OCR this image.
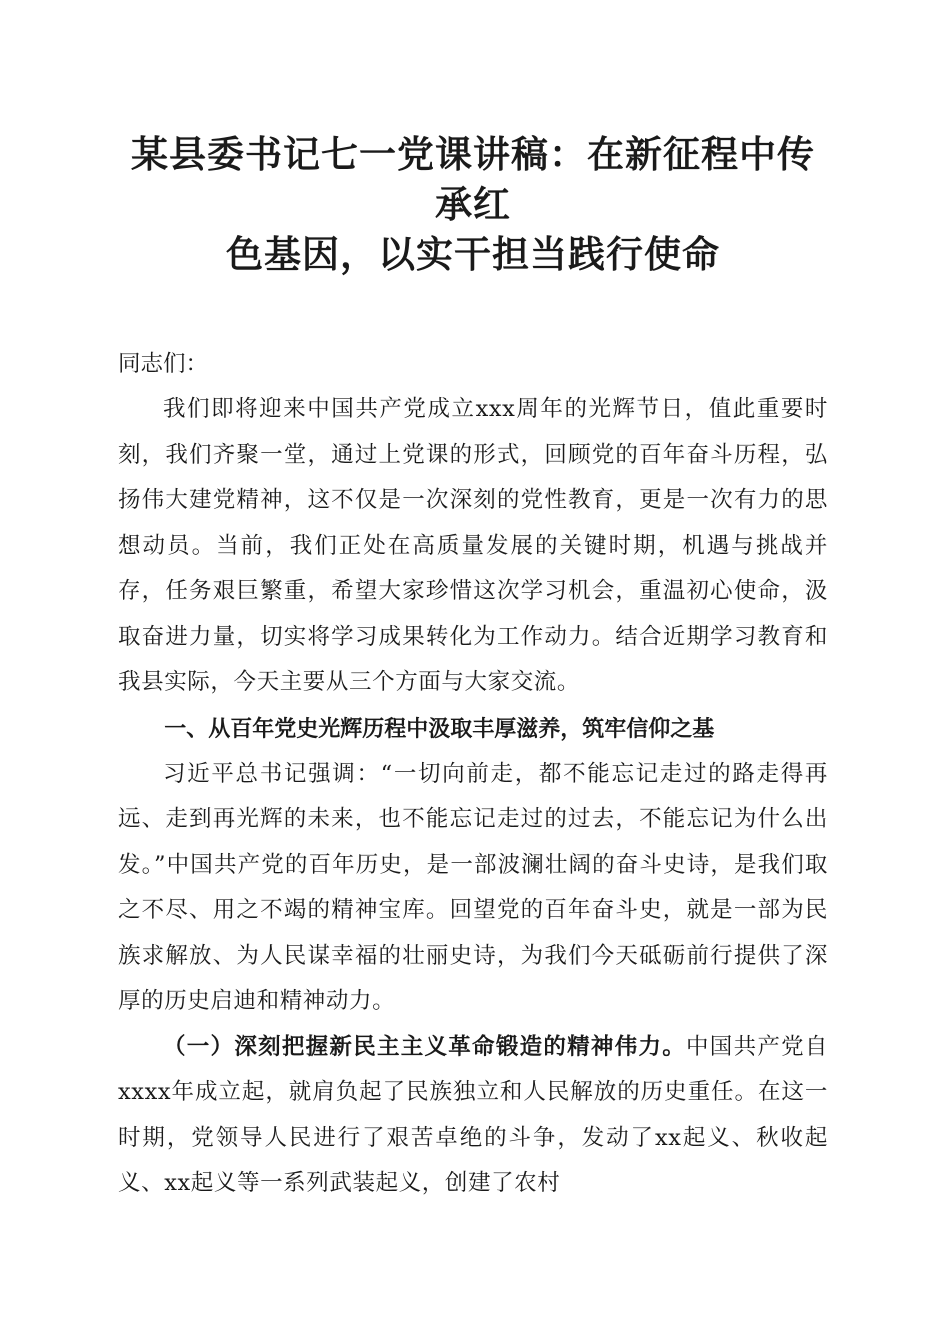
某县委书记七一党课讲稿：在新征程中传承红
色基因，以实干担当践行使命

同志们：

我们即将迎来中国共产党成立xxx周年的光辉节日，值此重要时刻，我们齐聚一堂，通过上党课的形式，回顾党的百年奋斗历程，弘扬伟大建党精神，这不仅是一次深刻的党性教育，更是一次有力的思想动员。当前，我们正处在高质量发展的关键时期，机遇与挑战并存，任务艰巨繁重，希望大家珍惜这次学习机会，重温初心使命，汲取奋进力量，切实将学习成果转化为工作动力。结合近期学习教育和我县实际，今天主要从三个方面与大家交流。

一、从百年党史光辉历程中汲取丰厚滋养，筑牢信仰之基

习近平总书记强调：“一切向前走，都不能忘记走过的路走得再远、走到再光辉的未来，也不能忘记走过的过去，不能忘记为什么出发。”中国共产党的百年历史，是一部波澜壮阔的奋斗史诗，是我们取之不尽、用之不竭的精神宝库。回望党的百年奋斗史，就是一部为民族求解放、为人民谋幸福的壮丽史诗，为我们今天砥砺前行提供了深厚的历史启迪和精神动力。

（一）深刻把握新民主主义革命锻造的精神伟力。中国共产党自xxxx年成立起，就肩负起了民族独立和人民解放的历史重任。在这一时期，党领导人民进行了艰苦卓绝的斗争，发动了xx起义、秋收起义、xx起义等一系列武装起义，创建了农村
